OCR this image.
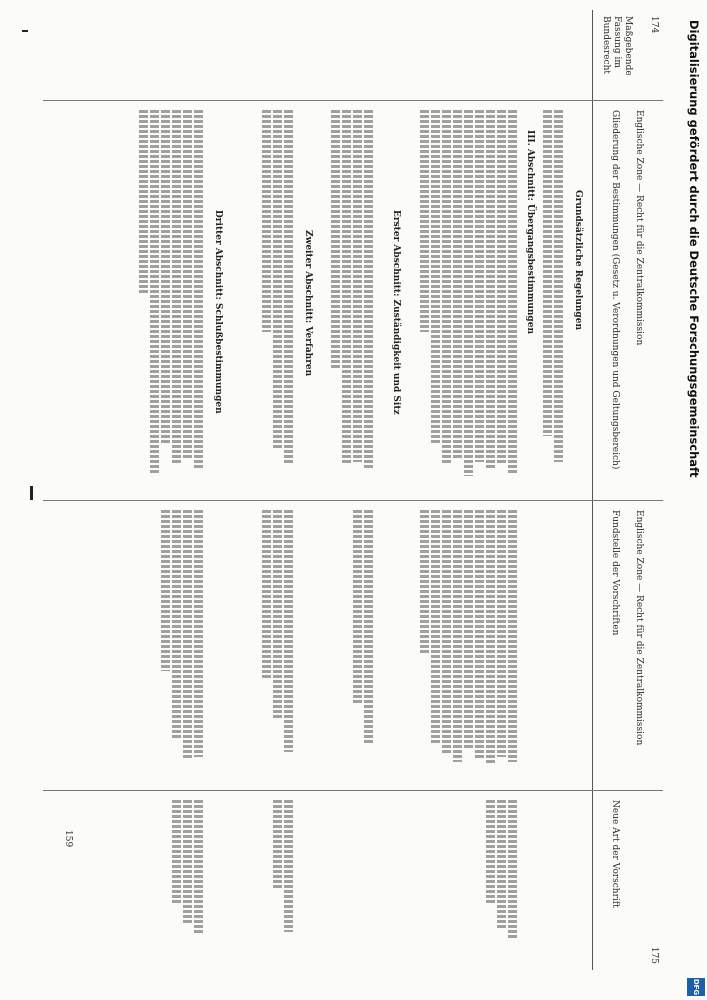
174
Englische Zone — Recht für die Zentralkommission
Englische Zone — Recht für die Zentralkommission
175
Maßgebende Fassung im Bundesrecht
Gliederung der Bestimmungen (Gesetz u. Verordnungen und Geltungsbereich)
Fundstelle der Vorschriften
Neue Art der Vorschrift
Grundsätzliche Regelungen
III. Abschnitt: Übergangsbestimmungen
Erster Abschnitt: Zuständigkeit und Sitz
Zweiter Abschnitt: Verfahren
Dritter Abschnitt: Schlußbestimmungen
159
Digitalisierung gefördert durch die Deutsche Forschungsgemeinschaft
DFG
